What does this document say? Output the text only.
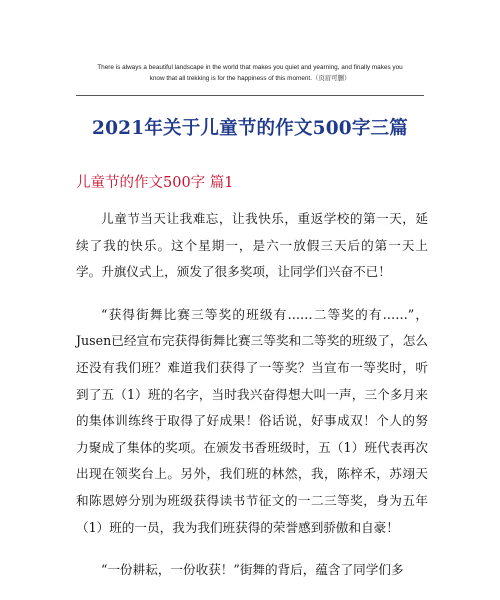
There is always a beautiful landscape in the world that makes you quiet and yearning, and finally makes you
know that all trekking is for the happiness of this moment.（页眉可删）
2021年关于儿童节的作文500字三篇
儿童节的作文500字 篇1

儿童节当天让我难忘，让我快乐，重返学校的第一天，延续了我的快乐。这个星期一，是六一放假三天后的第一天上学。升旗仪式上，颁发了很多奖项，让同学们兴奋不已！

“获得街舞比赛三等奖的班级有……二等奖的有……”，Jusen已经宣布完获得街舞比赛三等奖和二等奖的班级了，怎么还没有我们班？难道我们获得了一等奖？当宣布一等奖时，听到了五（1）班的名字，当时我兴奋得想大叫一声，三个多月来的集体训练终于取得了好成果！俗话说，好事成双！个人的努力聚成了集体的奖项。在颁发书香班级时，五（1）班代表再次出现在领奖台上。另外，我们班的林然，我，陈梓禾，苏翊天和陈恩婷分别为班级获得读书节征文的一二三等奖，身为五年（1）班的一员，我为我们班获得的荣誉感到骄傲和自豪！

“一份耕耘，一份收获！”街舞的背后，蕴含了同学们多
